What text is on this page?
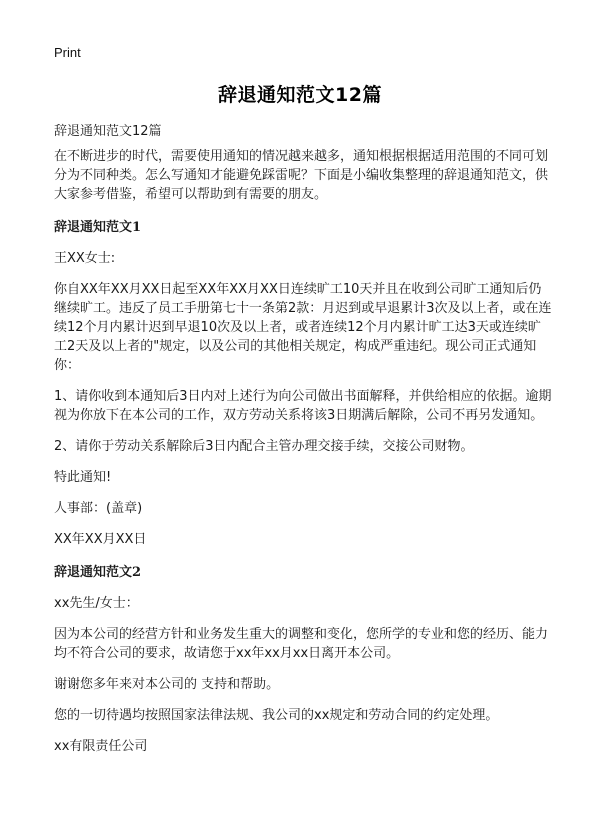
Print
辞退通知范文12篇

辞退通知范文12篇

在不断进步的时代，需要使用通知的情况越来越多，通知根据根据适用范围的不同可划分为不同种类。怎么写通知才能避免踩雷呢？下面是小编收集整理的辞退通知范文，供大家参考借鉴，希望可以帮助到有需要的朋友。

辞退通知范文1

王XX女士:

你自XX年XX月XX日起至XX年XX月XX日连续旷工10天并且在收到公司旷工通知后仍继续旷工。违反了员工手册第七十一条第2款：月迟到或早退累计3次及以上者，或在连续12个月内累计迟到早退10次及以上者，或者连续12个月内累计旷工达3天或连续旷工2天及以上者的"规定，以及公司的其他相关规定，构成严重违纪。现公司正式通知你：

1、请你收到本通知后3日内对上述行为向公司做出书面解释，并供给相应的依据。逾期视为你放下在本公司的工作，双方劳动关系将该3日期满后解除，公司不再另发通知。

2、请你于劳动关系解除后3日内配合主管办理交接手续，交接公司财物。

特此通知!

人事部：(盖章)

XX年XX月XX日

辞退通知范文2

xx先生/女士：

因为本公司的经营方针和业务发生重大的调整和变化，您所学的专业和您的经历、能力均不符合公司的要求，故请您于xx年xx月xx日离开本公司。

谢谢您多年来对本公司的 支持和帮助。

您的一切待遇均按照国家法律法规、我公司的xx规定和劳动合同的约定处理。

xx有限责任公司
